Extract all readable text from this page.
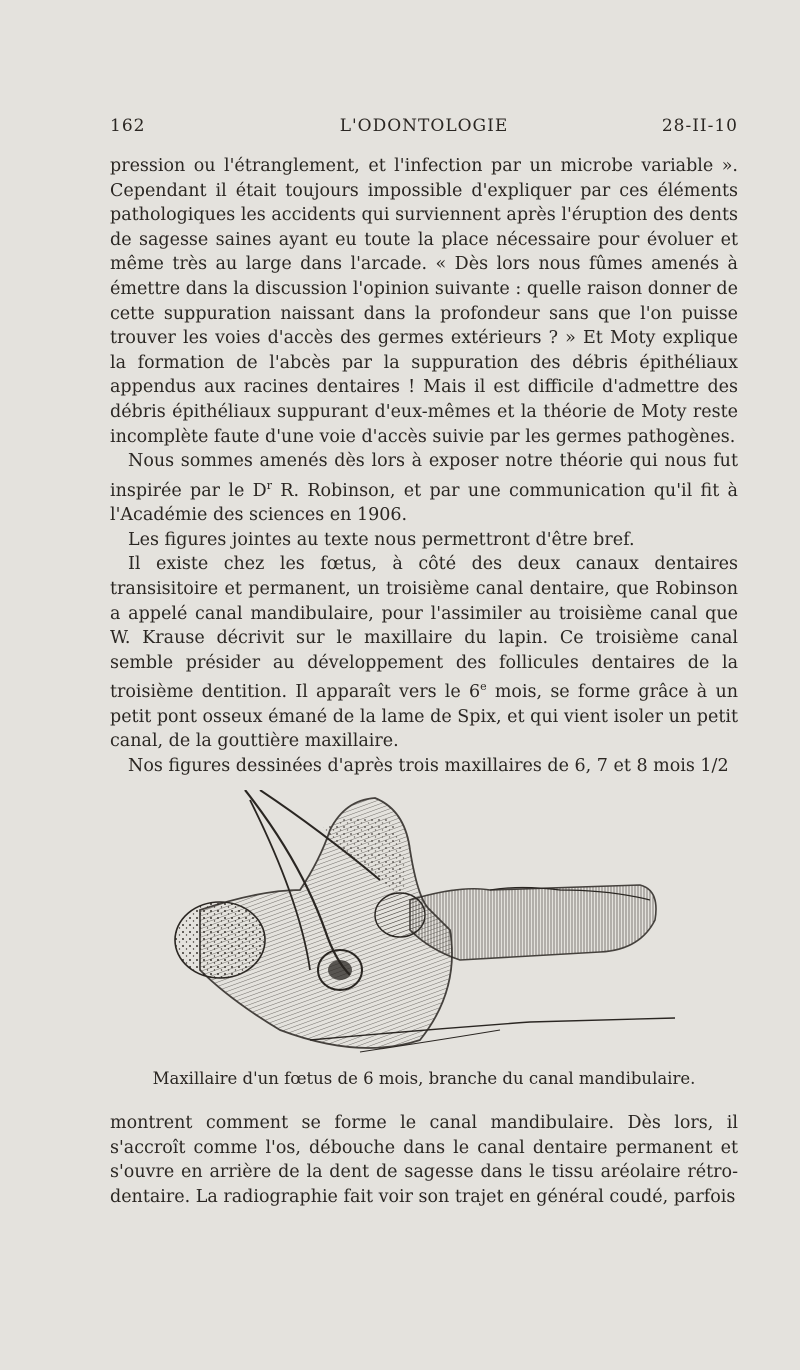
162	L'ODONTOLOGIE	28-II-10

pression ou l'étranglement, et l'infection par un microbe variable ». Cependant il était toujours impossible d'expliquer par ces éléments pathologiques les accidents qui surviennent après l'éruption des dents de sagesse saines ayant eu toute la place nécessaire pour évoluer et même très au large dans l'arcade. « Dès lors nous fûmes amenés à émettre dans la discussion l'opinion suivante : quelle raison donner de cette suppuration naissant dans la profondeur sans que l'on puisse trouver les voies d'accès des germes extérieurs ? » Et Moty explique la formation de l'abcès par la suppuration des débris épithéliaux appendus aux racines dentaires ! Mais il est difficile d'admettre des débris épithéliaux suppurant d'eux-mêmes et la théorie de Moty reste incomplète faute d'une voie d'accès suivie par les germes pathogènes.

Nous sommes amenés dès lors à exposer notre théorie qui nous fut inspirée par le $D^r$ R. Robinson, et par une communication qu'il fit à l'Académie des sciences en 1906.

Les figures jointes au texte nous permettront d'être bref.

Il existe chez les fœtus, à côté des deux canaux dentaires transisitoire et permanent, un troisième canal dentaire, que Robinson a appelé canal mandibulaire, pour l'assimiler au troisième canal que W. Krause décrivit sur le maxillaire du lapin. Ce troisième canal semble présider au développement des follicules dentaires de la troisième dentition. Il apparaît vers le 6e mois, se forme grâce à un petit pont osseux émané de la lame de Spix, et qui vient isoler un petit canal, de la gouttière maxillaire.

Nos figures dessinées d'après trois maxillaires de 6, 7 et 8 mois 1/2

Maxillaire d'un fœtus de 6 mois, branche du canal mandibulaire.

montrent comment se forme le canal mandibulaire. Dès lors, il s'accroît comme l'os, débouche dans le canal dentaire permanent et s'ouvre en arrière de la dent de sagesse dans le tissu aréolaire rétro-dentaire. La radiographie fait voir son trajet en général coudé, parfois
